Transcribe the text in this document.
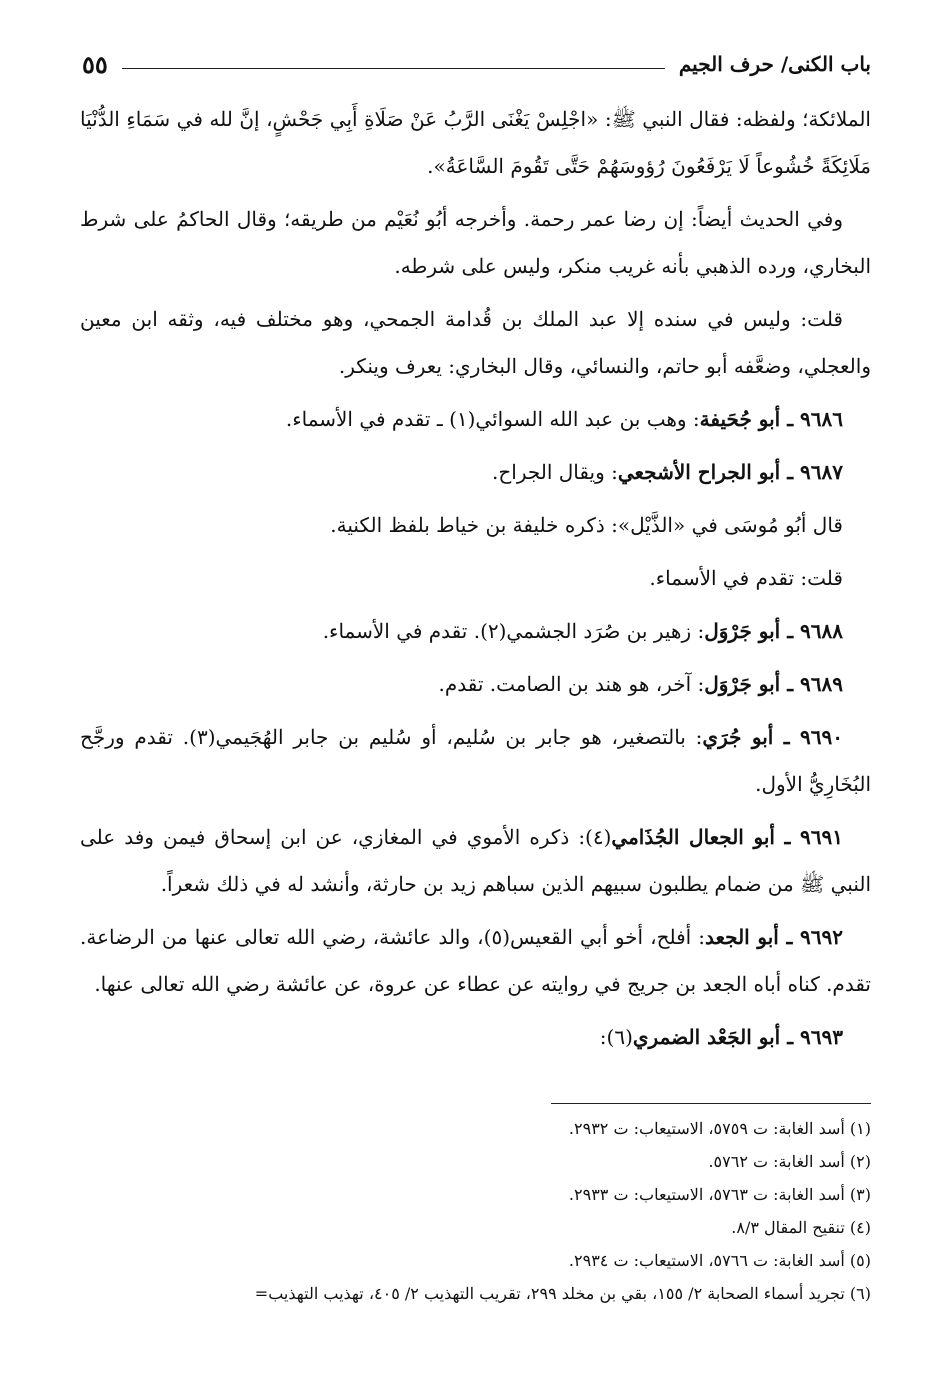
باب الكنى/ حرف الجيم
٥٥

الملائكة؛ ولفظه: فقال النبي ﷺ: «اجْلِسْ يَغْنَى الرَّبُ عَنْ صَلَاةِ أَبِي جَحْشٍ، إنَّ لله في سَمَاءِ الدُّنْيَا مَلَائِكَةً خُشُوعاً لَا يَرْفَعُونَ رُؤوسَهُمْ حَتَّى تَقُومَ السَّاعَةُ».

وفي الحديث أيضاً: إن رضا عمر رحمة. وأخرجه أبُو نُعَيْم من طريقه؛ وقال الحاكمُ على شرط البخاري، ورده الذهبي بأنه غريب منكر، وليس على شرطه.

قلت: وليس في سنده إلا عبد الملك بن قُدامة الجمحي، وهو مختلف فيه، وثقه ابن معين والعجلي، وضعَّفه أبو حاتم، والنسائي، وقال البخاري: يعرف وينكر.

٩٦٨٦ ـ أبو جُحَيفة: وهب بن عبد الله السوائي(١) ـ تقدم في الأسماء.

٩٦٨٧ ـ أبو الجراح الأشجعي: ويقال الجراح.

قال أبُو مُوسَى في «الذَّيْل»: ذكره خليفة بن خياط بلفظ الكنية.

قلت: تقدم في الأسماء.

٩٦٨٨ ـ أبو جَرْوَل: زهير بن صُرَد الجشمي(٢). تقدم في الأسماء.

٩٦٨٩ ـ أبو جَرْوَل: آخر، هو هند بن الصامت. تقدم.

٩٦٩٠ ـ أبو جُرَي: بالتصغير، هو جابر بن سُليم، أو سُليم بن جابر الهُجَيمي(٣). تقدم ورجَّح البُخَارِيُّ الأول.

٩٦٩١ ـ أبو الجعال الجُذَامي(٤): ذكره الأموي في المغازي، عن ابن إسحاق فيمن وفد على النبي ﷺ من ضمام يطلبون سبيهم الذين سباهم زيد بن حارثة، وأنشد له في ذلك شعراً.

٩٦٩٢ ـ أبو الجعد: أفلح، أخو أبي القعيس(٥)، والد عائشة، رضي الله تعالى عنها من الرضاعة. تقدم. كناه أباه الجعد بن جريج في روايته عن عطاء عن عروة، عن عائشة رضي الله تعالى عنها.

٩٦٩٣ ـ أبو الجَعْد الضمري(٦):

(١) أسد الغابة: ت ٥٧٥٩، الاستيعاب: ت ٢٩٣٢.
(٢) أسد الغابة: ت ٥٧٦٢.
(٣) أسد الغابة: ت ٥٧٦٣، الاستيعاب: ت ٢٩٣٣.
(٤) تنقيح المقال ٨/٣.
(٥) أسد الغابة: ت ٥٧٦٦، الاستيعاب: ت ٢٩٣٤.
(٦) تجريد أسماء الصحابة ٢/ ١٥٥، بقي بن مخلد ٢٩٩، تقريب التهذيب ٢/ ٤٠٥، تهذيب التهذيب=
